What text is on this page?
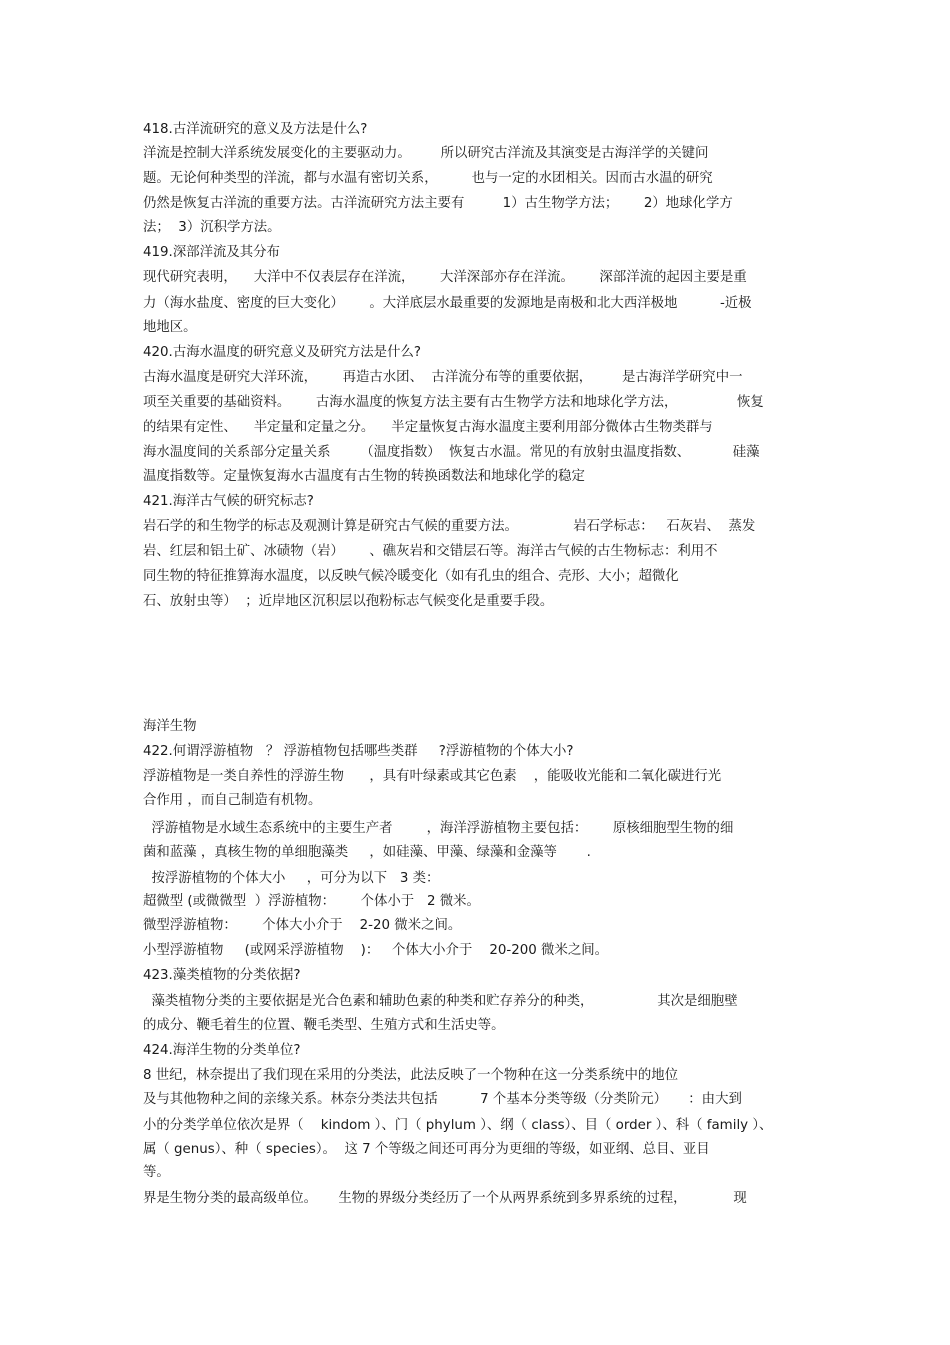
418.古洋流研究的意义及方法是什么?
洋流是控制大洋系统发展变化的主要驱动力。       所以研究古洋流及其演变是古海洋学的关键问
题。无论何种类型的洋流，都与水温有密切关系，        也与一定的水团相关。因而古水温的研究
仍然是恢复古洋流的重要方法。古洋流研究方法主要有         1）古生物学方法；      2）地球化学方
法；  3）沉积学方法。
419.深部洋流及其分布
现代研究表明，    大洋中不仅表层存在洋流，      大洋深部亦存在洋流。      深部洋流的起因主要是重
力（海水盐度、密度的巨大变化）      。大洋底层水最重要的发源地是南极和北大西洋极地          -近极
地地区。
420.古海水温度的研究意义及研究方法是什么?
古海水温度是研究大洋环流，      再造古水团、  古洋流分布等的重要依据，       是古海洋学研究中一
项至关重要的基础资料。      古海水温度的恢复方法主要有古生物学方法和地球化学方法，              恢复
的结果有定性、    半定量和定量之分。    半定量恢复古海水温度主要利用部分微体古生物类群与
海水温度间的关系部分定量关系       （温度指数）  恢复古水温。常见的有放射虫温度指数、          硅藻
温度指数等。定量恢复海水古温度有古生物的转换函数法和地球化学的稳定
421.海洋古气候的研究标志?
岩石学的和生物学的标志及观测计算是研究古气候的重要方法。             岩石学标志：   石灰岩、  蒸发
岩、红层和铝土矿、冰碛物（岩）      、礁灰岩和交错层石等。海洋古气候的古生物标志：利用不
同生物的特征推算海水温度，以反映气候冷暖变化（如有孔虫的组合、壳形、大小；超微化
石、放射虫等）  ；近岸地区沉积层以孢粉标志气候变化是重要手段。
海洋生物
422.何谓浮游植物   ？ 浮游植物包括哪些类群     ?浮游植物的个体大小?
浮游植物是一类自养性的浮游生物      ，具有叶绿素或其它色素    ，能吸收光能和二氧化碳进行光
合作用 ，而自己制造有机物。
浮游植物是水域生态系统中的主要生产者        ，海洋浮游植物主要包括：      原核细胞型生物的细
菌和蓝藻 ，真核生物的单细胞藻类     ，如硅藻、甲藻、绿藻和金藻等       .
按浮游植物的个体大小     ，可分为以下   3 类：
超微型 (或微微型  ）浮游植物：      个体小于   2 微米。
微型浮游植物：      个体大小介于    2-20 微米之间。
小型浮游植物     (或网采浮游植物    )：   个体大小介于    20-200 微米之间。
423.藻类植物的分类依据?
藻类植物分类的主要依据是光合色素和辅助色素的种类和贮存养分的种类，               其次是细胞壁
的成分、鞭毛着生的位置、鞭毛类型、生殖方式和生活史等。
424.海洋生物的分类单位?
8 世纪，林奈提出了我们现在采用的分类法，此法反映了一个物种在这一分类系统中的地位
及与其他物种之间的亲缘关系。林奈分类法共包括          7 个基本分类等级（分类阶元）     ：由大到
小的分类学单位依次是界（    kindom ）、门（ phylum ）、纲（ class）、目（ order ）、科（ family ）、
属（ genus）、种（ species）。  这 7 个等级之间还可再分为更细的等级，如亚纲、总目、亚目
等。
界是生物分类的最高级单位。     生物的界级分类经历了一个从两界系统到多界系统的过程，           现
